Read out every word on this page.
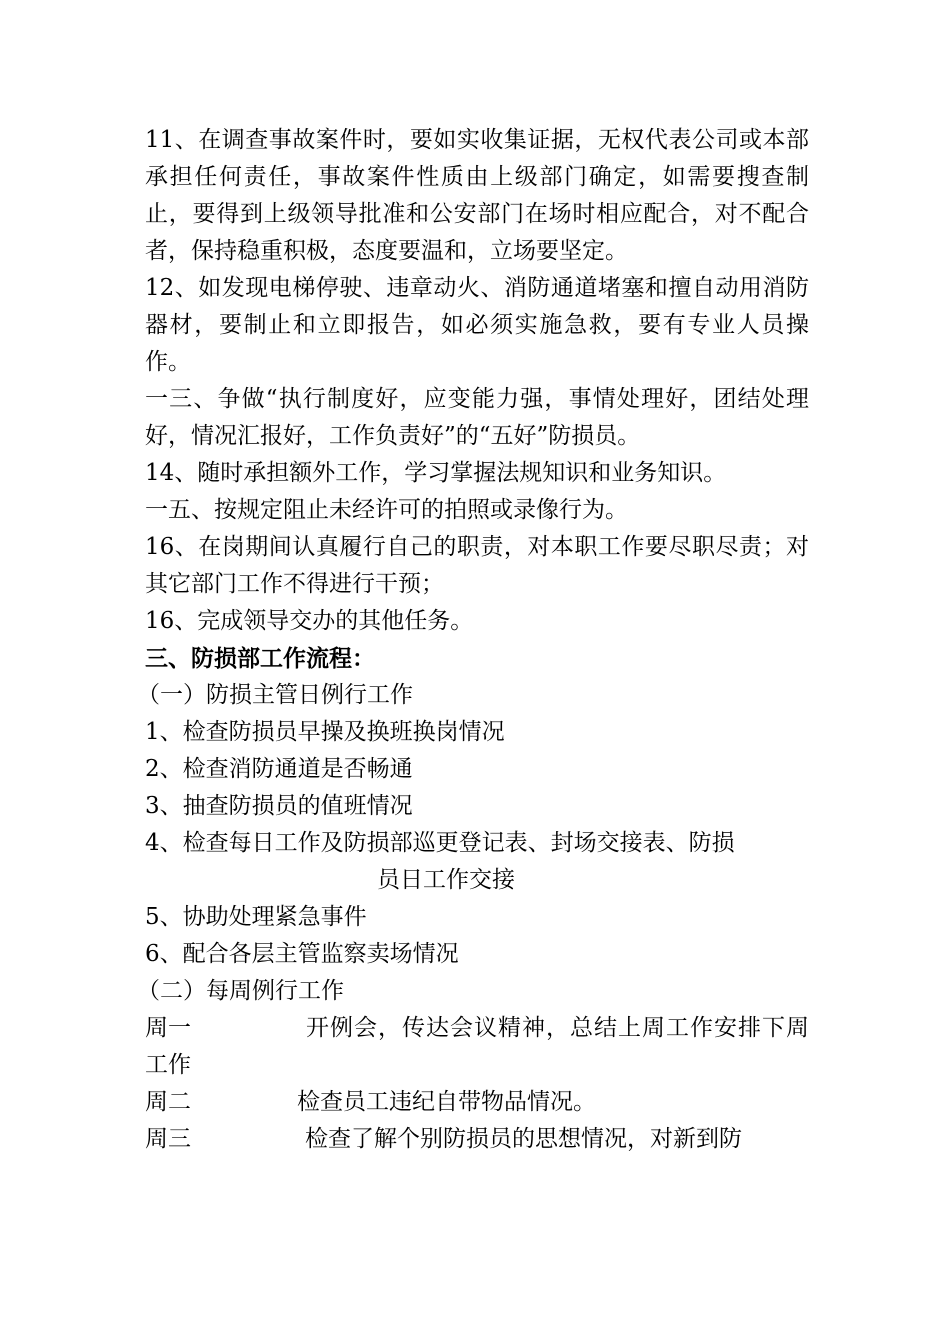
11、在调查事故案件时，要如实收集证据，无权代表公司或本部承担任何责任，事故案件性质由上级部门确定，如需要搜查制止，要得到上级领导批准和公安部门在场时相应配合，对不配合者，保持稳重积极，态度要温和，立场要坚定。

12、如发现电梯停驶、违章动火、消防通道堵塞和擅自动用消防器材，要制止和立即报告，如必须实施急救，要有专业人员操作。

一三、争做“执行制度好，应变能力强，事情处理好，团结处理好，情况汇报好，工作负责好”的“五好”防损员。

14、随时承担额外工作，学习掌握法规知识和业务知识。

一五、按规定阻止未经许可的拍照或录像行为。

16、在岗期间认真履行自己的职责，对本职工作要尽职尽责；对其它部门工作不得进行干预；

16、完成领导交办的其他任务。

三、防损部工作流程：

（一）防损主管日例行工作

1、检查防损员早操及换班换岗情况

2、检查消防通道是否畅通

3、抽查防损员的值班情况

4、检查每日工作及防损部巡更登记表、封场交接表、防损

员日工作交接

5、协助处理紧急事件

6、配合各层主管监察卖场情况

（二）每周例行工作

周一	开例会，传达会议精神，总结上周工作安排下周工作
周二	检查员工违纪自带物品情况。
周三	检查了解个别防损员的思想情况，对新到防
